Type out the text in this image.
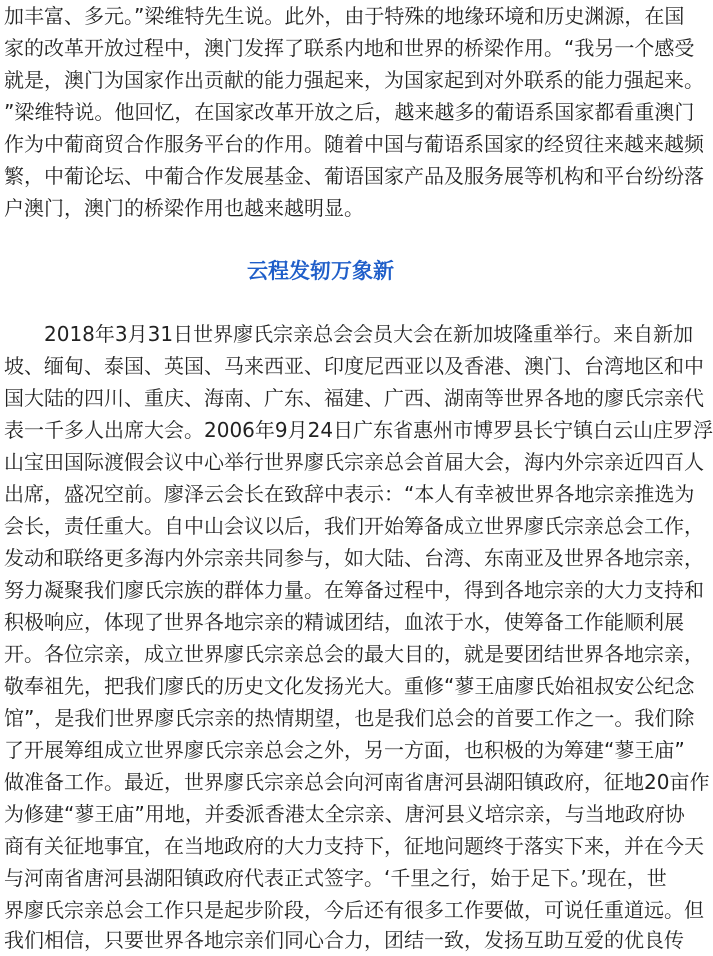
加丰富、多元。”梁维特先生说。此外，由于特殊的地缘环境和历史渊源，在国
家的改革开放过程中，澳门发挥了联系内地和世界的桥梁作用。“我另一个感受
就是，澳门为国家作出贡献的能力强起来，为国家起到对外联系的能力强起来。
”梁维特说。他回忆，在国家改革开放之后，越来越多的葡语系国家都看重澳门
作为中葡商贸合作服务平台的作用。随着中国与葡语系国家的经贸往来越来越频
繁，中葡论坛、中葡合作发展基金、葡语国家产品及服务展等机构和平台纷纷落
户澳门，澳门的桥梁作用也越来越明显。
云程发轫万象新
　　2018年3月31日世界廖氏宗亲总会会员大会在新加坡隆重举行。来自新加
坡、缅甸、泰国、英国、马来西亚、印度尼西亚以及香港、澳门、台湾地区和中
国大陆的四川、重庆、海南、广东、福建、广西、湖南等世界各地的廖氏宗亲代
表一千多人出席大会。2006年9月24日广东省惠州市博罗县长宁镇白云山庄罗浮
山宝田国际渡假会议中心举行世界廖氏宗亲总会首届大会，海内外宗亲近四百人
出席，盛况空前。廖泽云会长在致辞中表示：“本人有幸被世界各地宗亲推选为
会长，责任重大。自中山会议以后，我们开始筹备成立世界廖氏宗亲总会工作，
发动和联络更多海内外宗亲共同参与，如大陆、台湾、东南亚及世界各地宗亲，
努力凝聚我们廖氏宗族的群体力量。在筹备过程中，得到各地宗亲的大力支持和
积极响应，体现了世界各地宗亲的精诚团结，血浓于水，使筹备工作能顺利展
开。各位宗亲，成立世界廖氏宗亲总会的最大目的，就是要团结世界各地宗亲，
敬奉祖先，把我们廖氏的历史文化发扬光大。重修“蓼王庙廖氏始祖叔安公纪念
馆”，是我们世界廖氏宗亲的热情期望，也是我们总会的首要工作之一。我们除
了开展筹组成立世界廖氏宗亲总会之外，另一方面，也积极的为筹建“蓼王庙”
做准备工作。最近，世界廖氏宗亲总会向河南省唐河县湖阳镇政府，征地20亩作
为修建“蓼王庙”用地，并委派香港太全宗亲、唐河县义培宗亲，与当地政府协
商有关征地事宜，在当地政府的大力支持下，征地问题终于落实下来，并在今天
与河南省唐河县湖阳镇政府代表正式签字。‘千里之行，始于足下。’现在，世
界廖氏宗亲总会工作只是起步阶段，今后还有很多工作要做，可说任重道远。但
我们相信，只要世界各地宗亲们同心合力，团结一致，发扬互助互爱的优良传
